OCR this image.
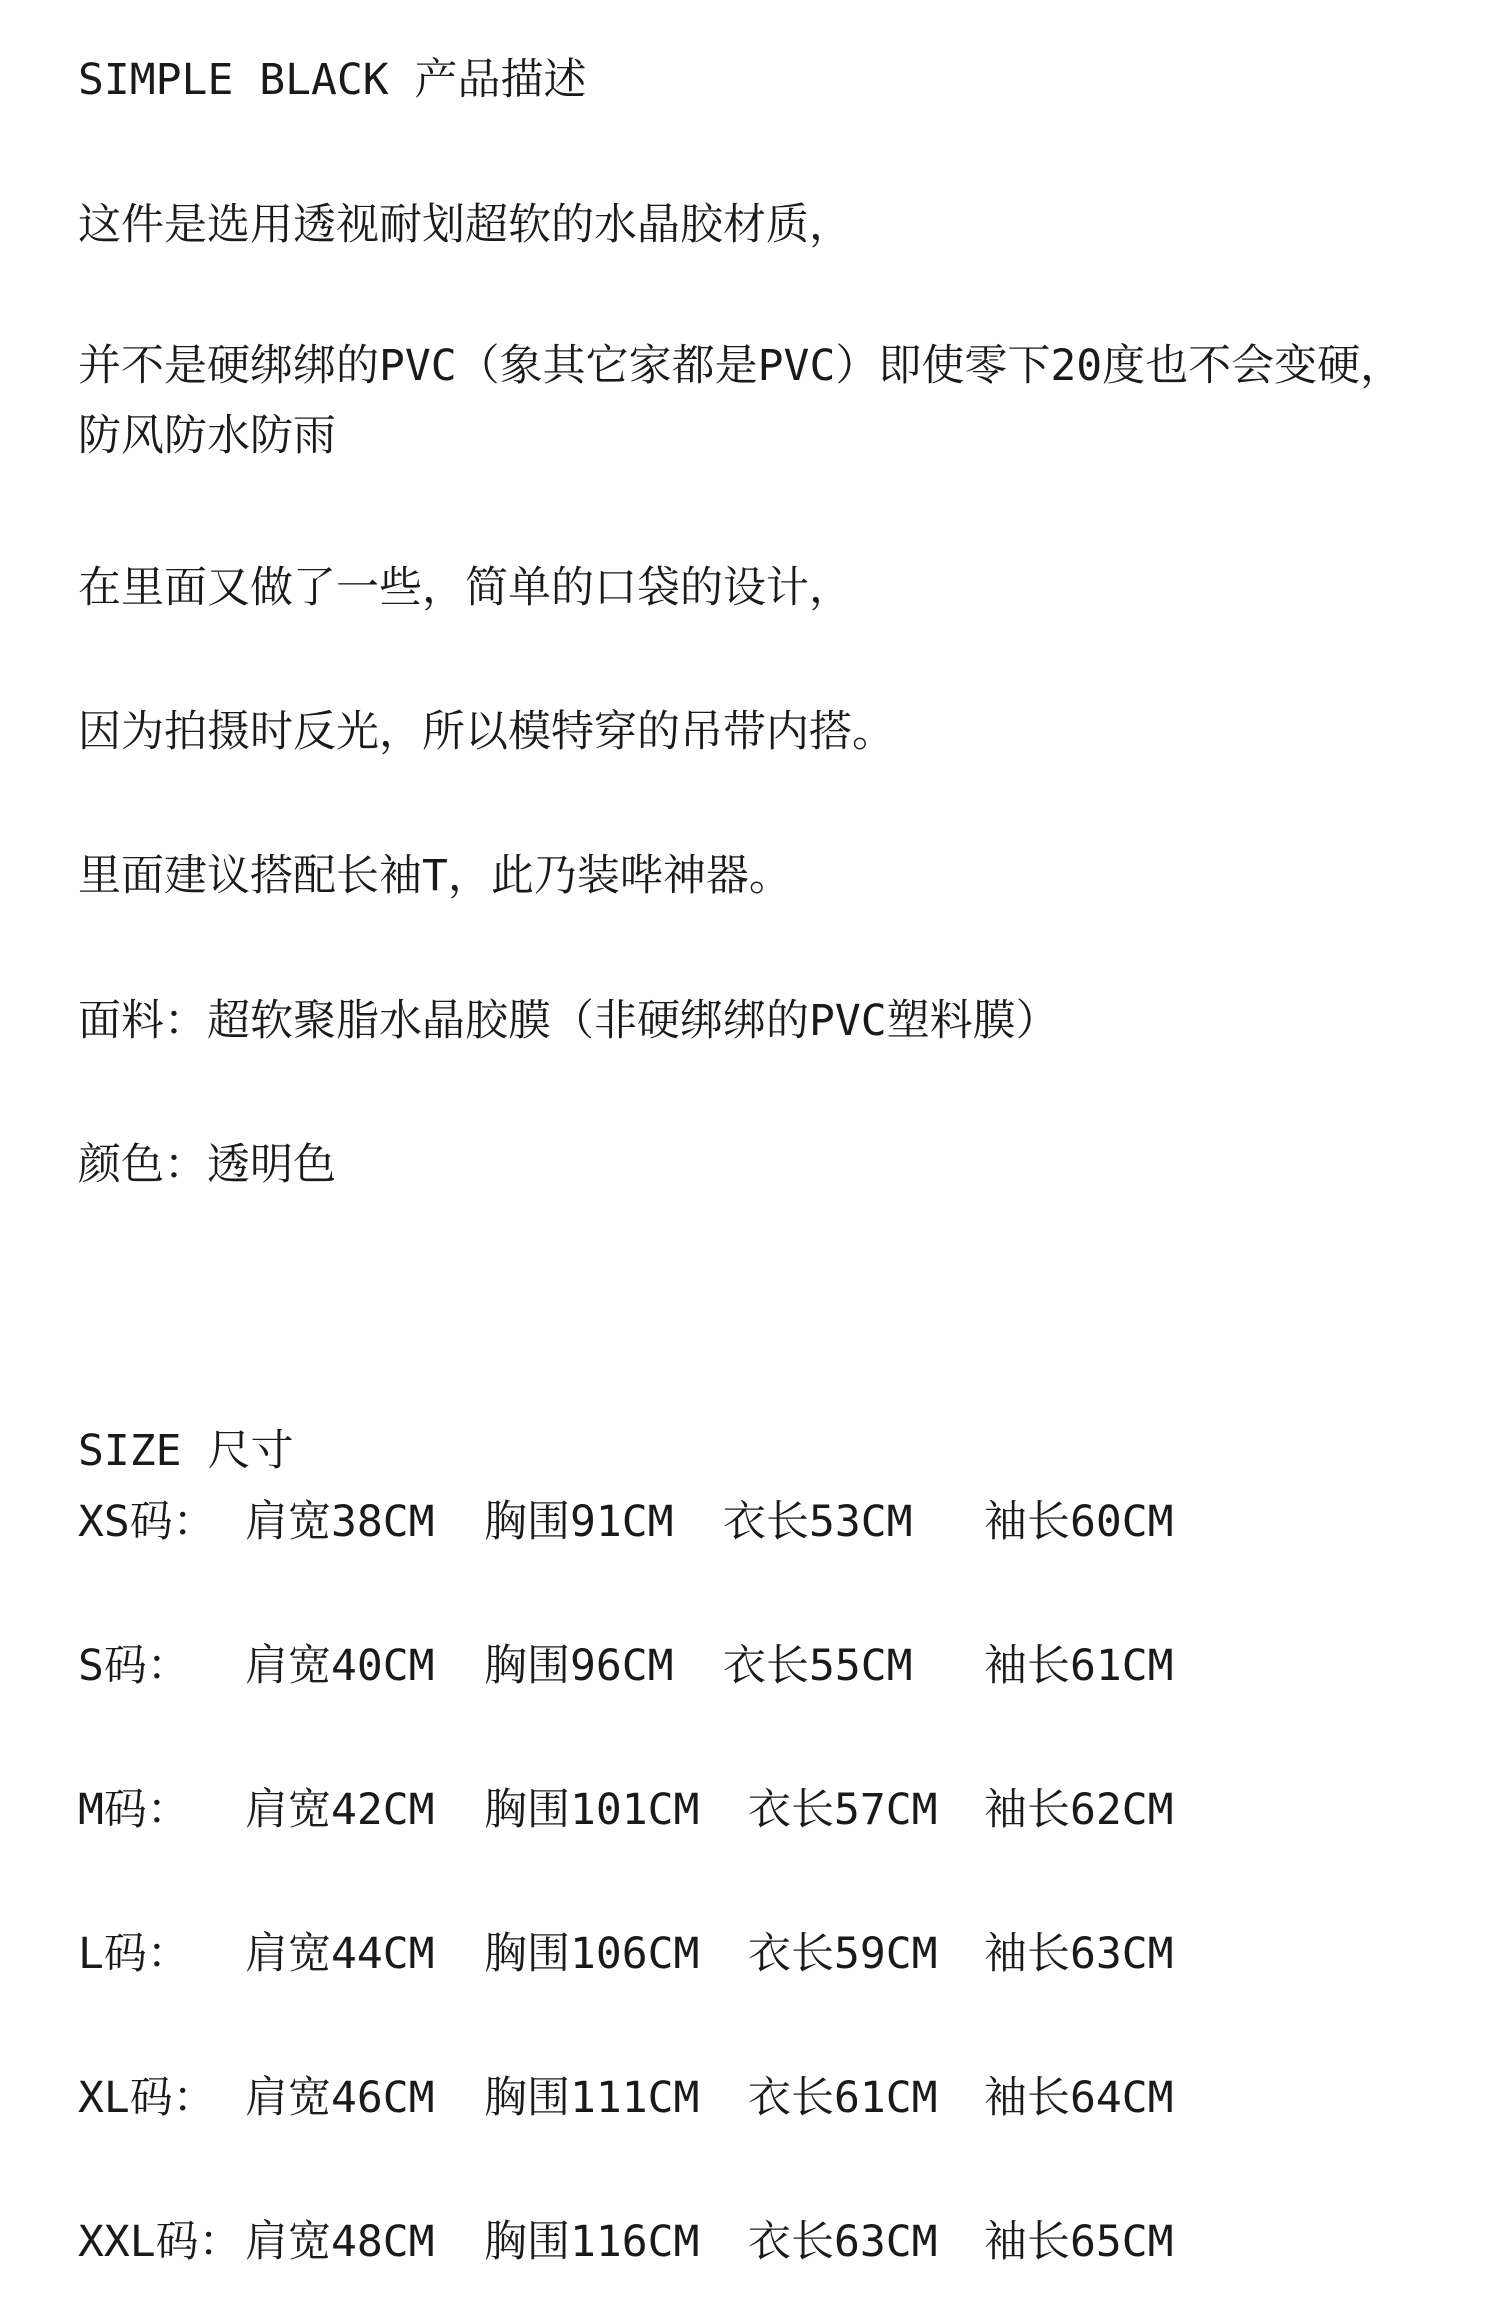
SIMPLE BLACK 产品描述
这件是选用透视耐划超软的水晶胶材质，
并不是硬绑绑的PVC（象其它家都是PVC）即使零下20度也不会变硬，防风防水防雨
在里面又做了一些，简单的口袋的设计，
因为拍摄时反光，所以模特穿的吊带内搭。
里面建议搭配长袖T，此乃装哔神器。
面料：超软聚脂水晶胶膜（非硬绑绑的PVC塑料膜）
颜色：透明色
SIZE 尺寸
XS码： 肩宽38CM 胸围91CM 衣长53CM 袖长60CM
S码： 肩宽40CM 胸围96CM 衣长55CM 袖长61CM
M码： 肩宽42CM 胸围101CM 衣长57CM 袖长62CM
L码： 肩宽44CM 胸围106CM 衣长59CM 袖长63CM
XL码： 肩宽46CM 胸围111CM 衣长61CM 袖长64CM
XXL码： 肩宽48CM 胸围116CM 衣长63CM 袖长65CM
